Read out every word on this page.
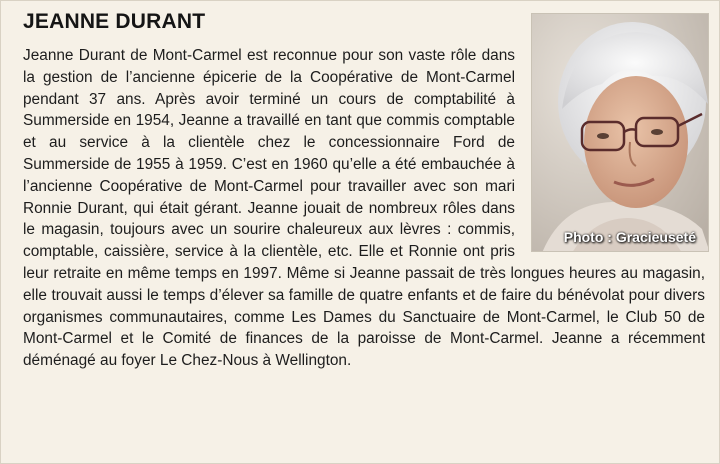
JEANNE DURANT
Photo : Gracieuseté

Jeanne Durant de Mont-Carmel est reconnue pour son vaste rôle dans la gestion de l’ancienne épicerie de la Coopérative de Mont-Carmel pendant 37 ans. Après avoir terminé un cours de comptabilité à Summerside en 1954, Jeanne a travaillé en tant que commis comptable et au service à la clientèle chez le concessionnaire Ford de Summerside de 1955 à 1959. C’est en 1960 qu’elle a été embauchée à l’ancienne Coopérative de Mont-Carmel pour travailler avec son mari Ronnie Durant, qui était gérant. Jeanne jouait de nombreux rôles dans le magasin, toujours avec un sourire chaleureux aux lèvres : commis, comptable, caissière, service à la clientèle, etc. Elle et Ronnie ont pris leur retraite en même temps en 1997. Même si Jeanne passait de très longues heures au magasin, elle trouvait aussi le temps d’élever sa famille de quatre enfants et de faire du bénévolat pour divers organismes communautaires, comme Les Dames du Sanctuaire de Mont-Carmel, le Club 50 de Mont-Carmel et le Comité de finances de la paroisse de Mont-Carmel. Jeanne a récemment déménagé au foyer Le Chez-Nous à Wellington.
